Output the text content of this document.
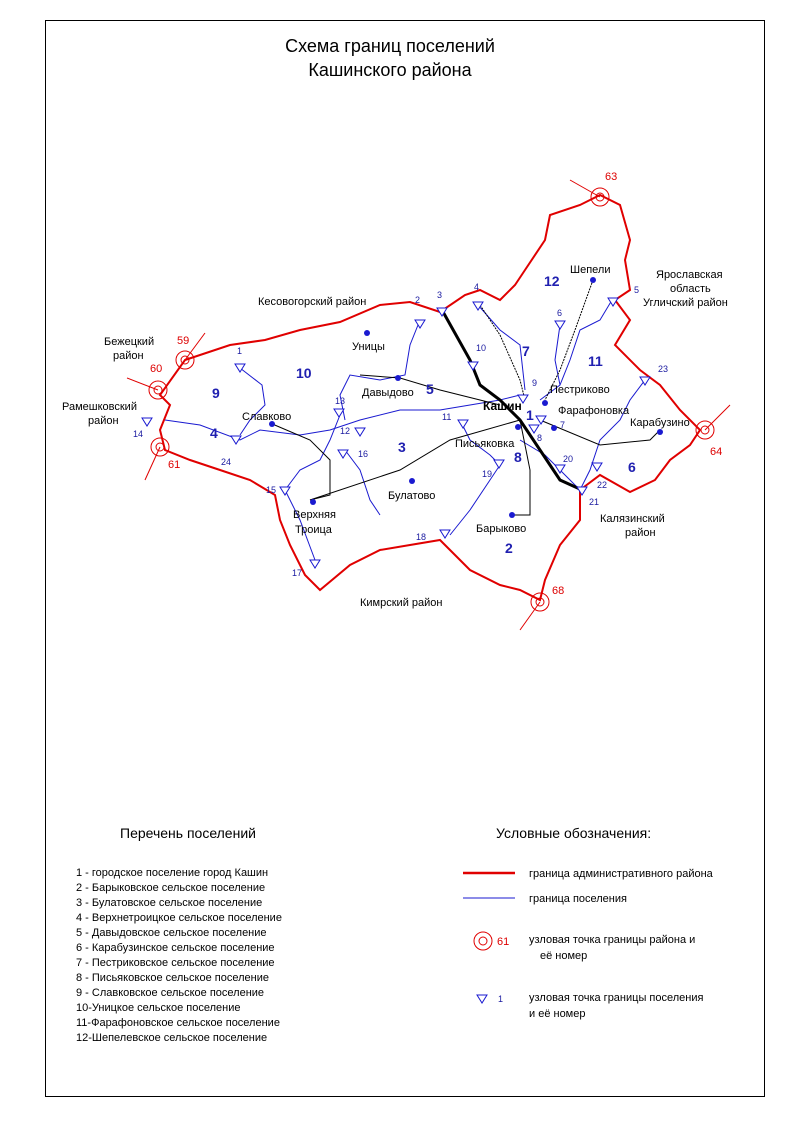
Схема границ поселений
Кашинского района
Кесовогорский район
Бежецкий
район
Рамешковский
район
Ярославская
область
Угличский район
Калязинский
район
Кимрский район
Уницы
Давыдово
Шепели
Пестриково
Фарафоновка
Карабузино
Славково
Кашин
Письяковка
Булатово
Верхняя
Троица	Барыково
1
2
3
4
5
6
7
8
9
10
11
12
59
60
61
63
64
68
1
2 3
4	5
6
7
8
9
10
11
12
13
14
15
16
17
18
19
20
21
22
23
24
61
1
Перечень поселений
1 - городское поселение город Кашин
2 - Барыковское сельское поселение
3 - Булатовское сельское поселение
4 - Верхнетроицкое сельское поселение
5 - Давыдовское сельское поселение
6 - Карабузинское сельское поселение
7 - Пестриковское сельское поселение
8 - Письяковское сельское поселение
9 - Славковское сельское поселение
10-Уницкое сельское поселение
11-Фарафоновское сельское поселение
12-Шепелевское сельское поселение
Условные обозначения:
граница административного района
граница поселения
узловая точка границы района и
её номер
узловая точка границы поселения
и её номер
